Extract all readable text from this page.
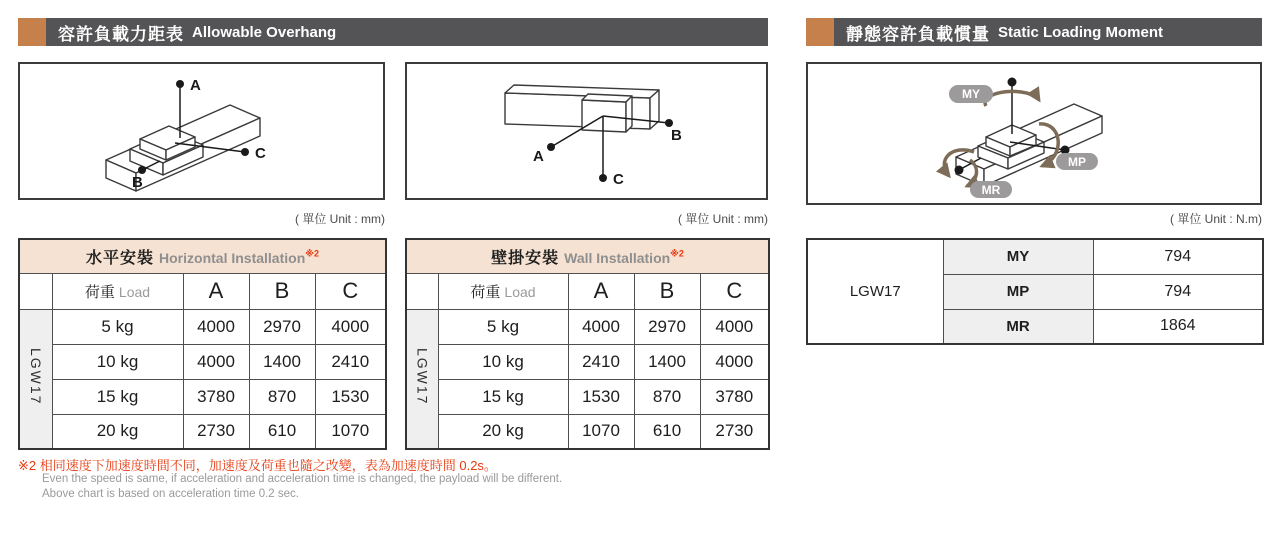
容許負載力距表 Allowable Overhang	靜態容許負載慣量 Static Loading Moment
A
C
B
A
B
C
MY
MP
MR
( 單位 Unit : mm)	( 單位 Unit : mm)	( 單位 Unit : N.m)
水平安裝 Horizontal Installation$^{※2}$
	荷重 Load	A	B	C
LGW17	5 kg	4000	2970	4000
	10 kg	4000	1400	2410
	15 kg	3780	870	1530
	20 kg	2730	610	1070
壁掛安裝 Wall Installation$^{※2}$
	荷重 Load	A	B	C
LGW17	5 kg	4000	2970	4000
	10 kg	2410	1400	4000
	15 kg	1530	870	3780
	20 kg	1070	610	2730
LGW17	MY	794
	MP	794
	MR	1864
※2 相同速度下加速度時間不同，加速度及荷重也隨之改變，表為加速度時間 0.2s。
Even the speed is same, if acceleration and acceleration time is changed, the payload will be different.
Above chart is based on acceleration time 0.2 sec.
